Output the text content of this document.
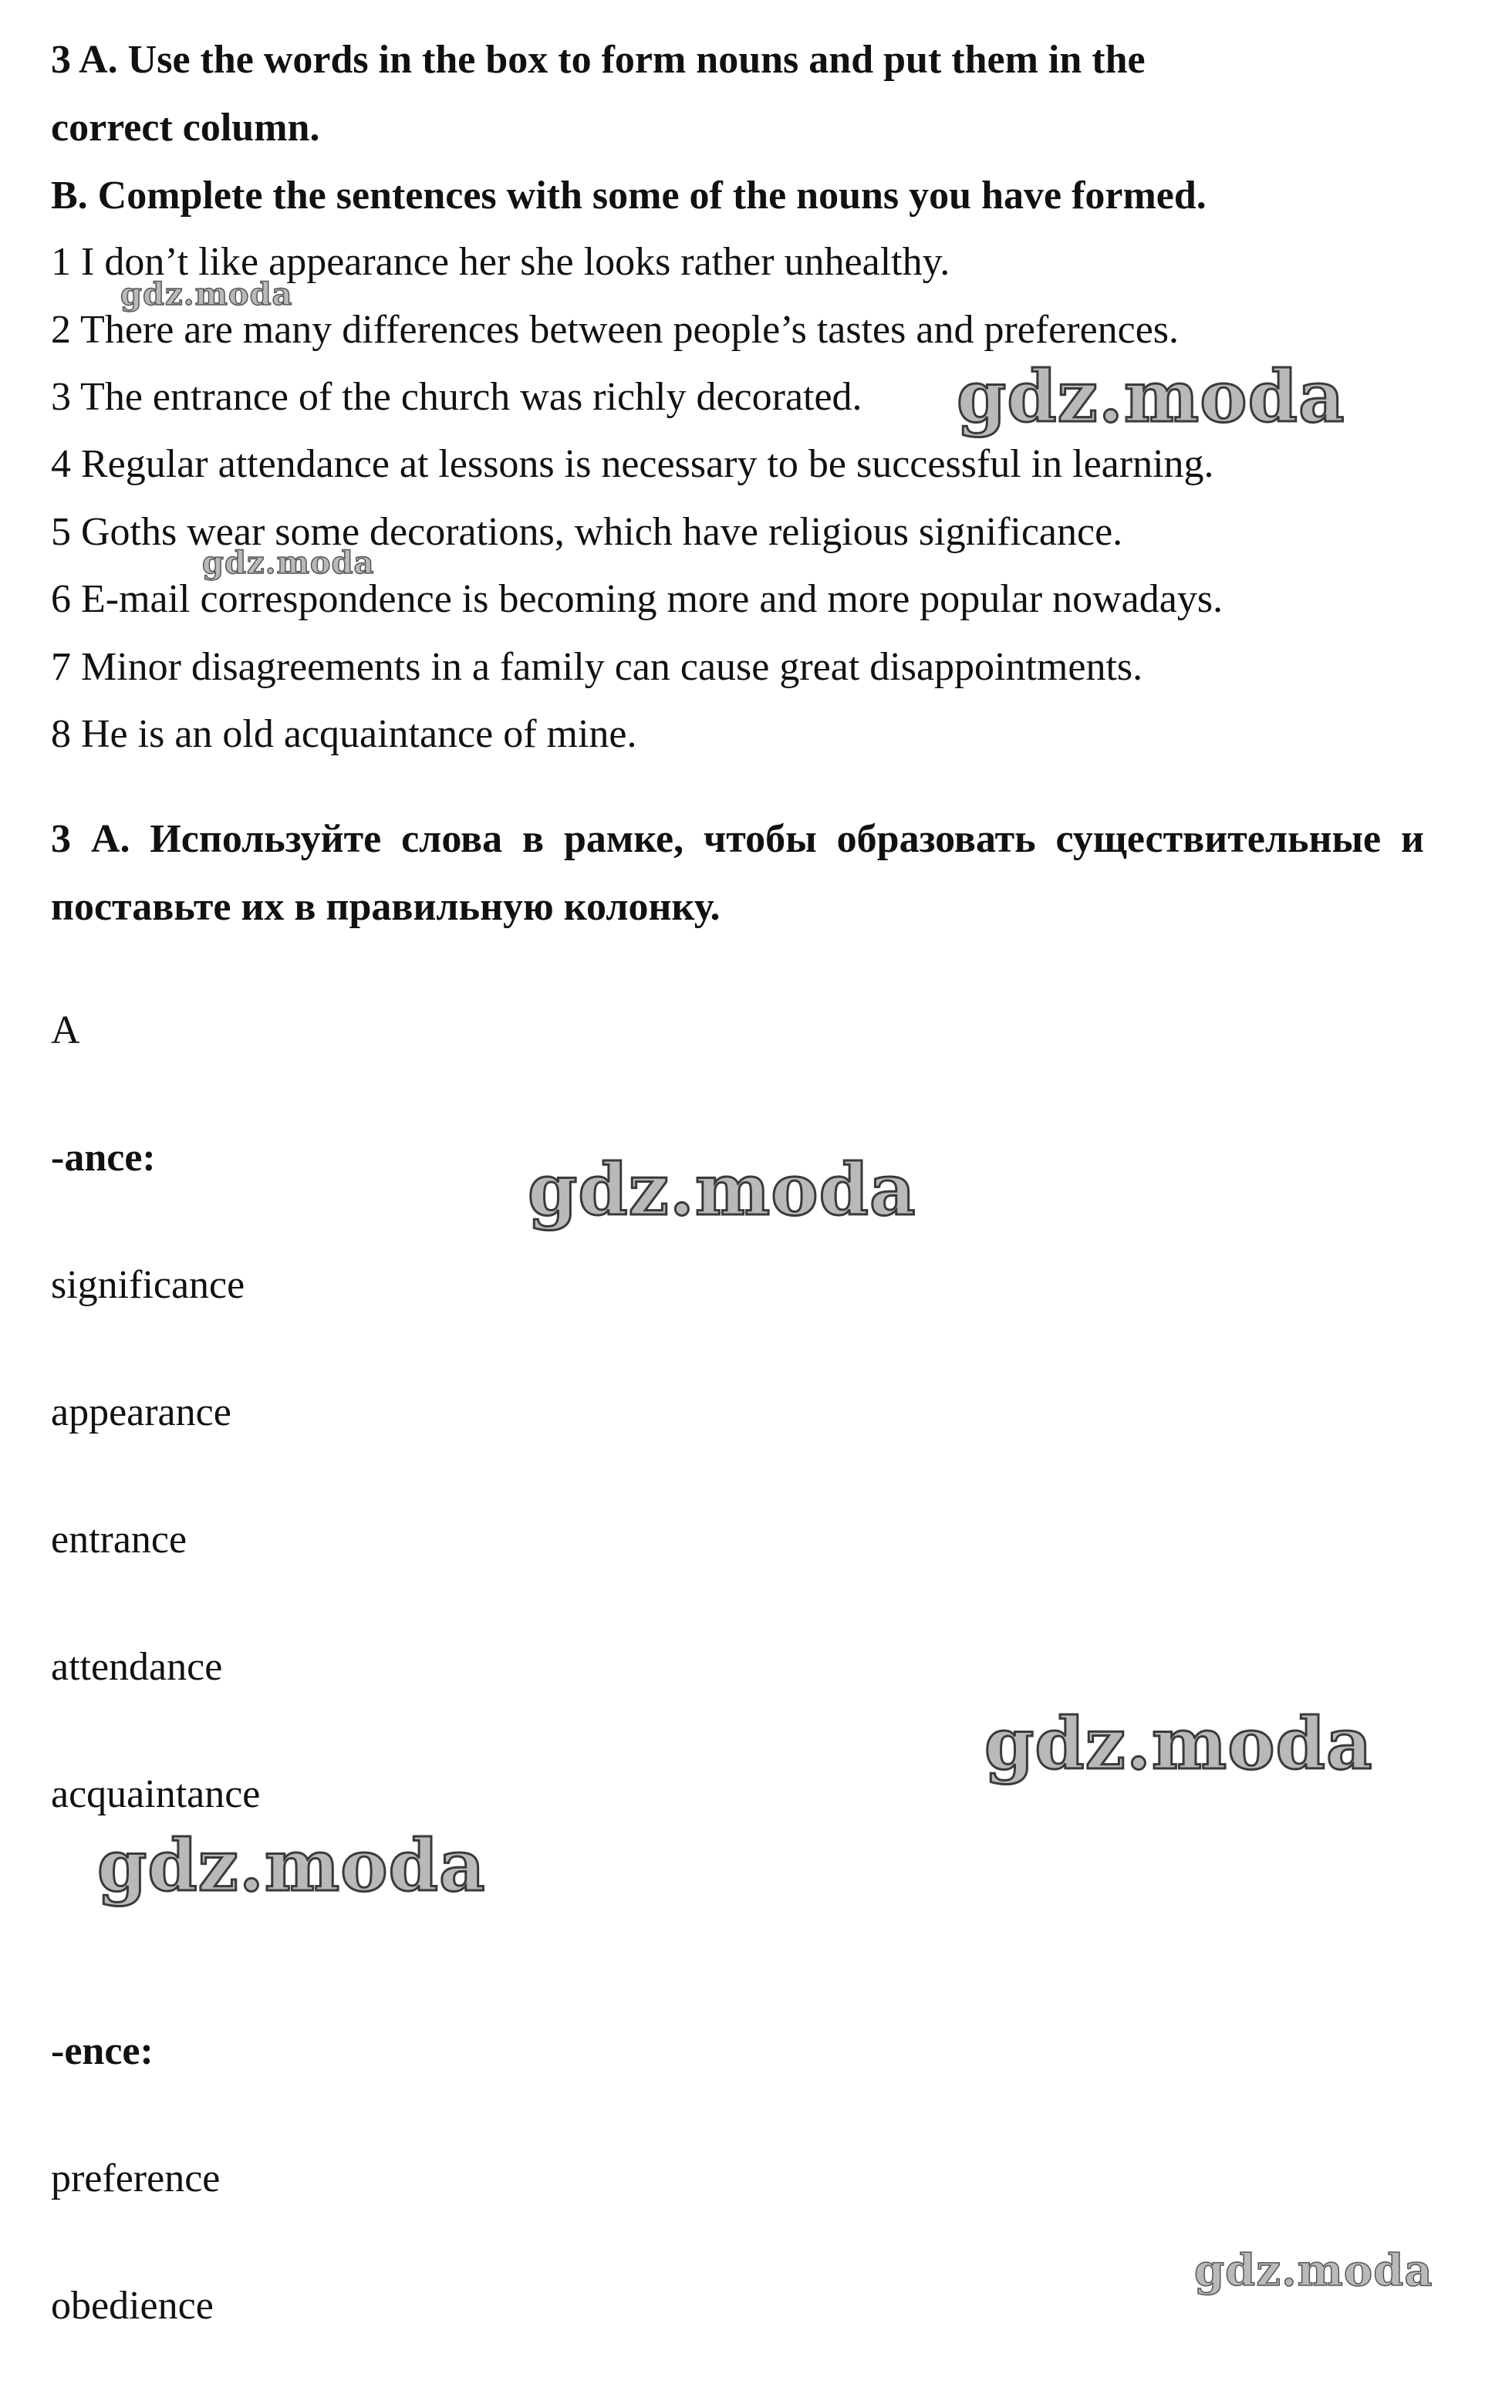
3 A. Use the words in the box to form nouns and put them in the
correct column.
B. Complete the sentences with some of the nouns you have formed.
1 I don’t like appearance her she looks rather unhealthy.
2 There are many differences between people’s tastes and preferences.
3 The entrance of the church was richly decorated.
4 Regular attendance at lessons is necessary to be successful in learning.
5 Goths wear some decorations, which have religious significance.
6 E-mail correspondence is becoming more and more popular nowadays.
7 Minor disagreements in a family can cause great disappointments.
8 He is an old acquaintance of mine.
3 А. Используйте слова в рамке, чтобы образовать существительные и поставьте их в правильную колонку.
A
-ance:
significance
appearance
entrance
attendance
acquaintance
-ence:
preference
obedience
gdz.moda
gdz.moda
gdz.moda
gdz.moda
gdz.moda
gdz.moda
gdz.moda
